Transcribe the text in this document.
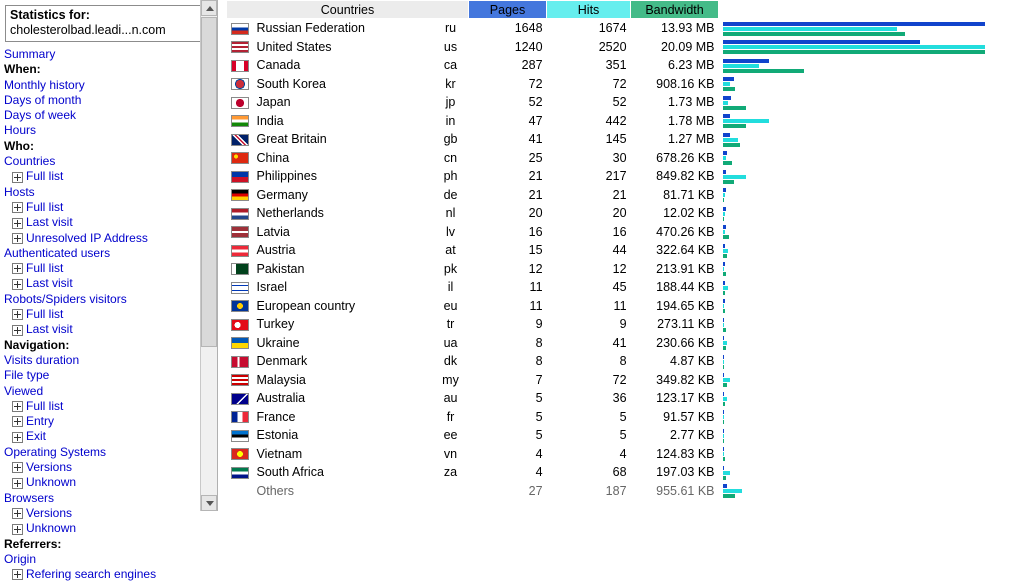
Statistics for:
cholesterolbad.leadi...n.com
Summary
When:
Monthly history
Days of month
Days of week
Hours
Who:
Countries
Full list
Hosts
Full list
Last visit
Unresolved IP Address
Authenticated users
Full list
Last visit
Robots/Spiders visitors
Full list
Last visit
Navigation:
Visits duration
File type
Viewed
Full list
Entry
Exit
Operating Systems
Versions
Unknown
Browsers
Versions
Unknown
Referrers:
Origin
Refering search engines
Countries			Pages	Hits	Bandwidth	
	Russian Federation	ru	1648	1674	13.93 MB	

	United States	us	1240	2520	20.09 MB	

	Canada	ca	287	351	6.23 MB	

	South Korea	kr	72	72	908.16 KB	

	Japan	jp	52	52	1.73 MB	

	India	in	47	442	1.78 MB	

	Great Britain	gb	41	145	1.27 MB	

	China	cn	25	30	678.26 KB	

	Philippines	ph	21	217	849.82 KB	

	Germany	de	21	21	81.71 KB	

	Netherlands	nl	20	20	12.02 KB	

	Latvia	lv	16	16	470.26 KB	

	Austria	at	15	44	322.64 KB	

	Pakistan	pk	12	12	213.91 KB	

	Israel	il	11	45	188.44 KB	

	European country	eu	11	11	194.65 KB	

	Turkey	tr	9	9	273.11 KB	

	Ukraine	ua	8	41	230.66 KB	

	Denmark	dk	8	8	4.87 KB	

	Malaysia	my	7	72	349.82 KB	

	Australia	au	5	36	123.17 KB	

	France	fr	5	5	91.57 KB	

	Estonia	ee	5	5	2.77 KB	

	Vietnam	vn	4	4	124.83 KB	

	South Africa	za	4	68	197.03 KB	

	Others		27	187	955.61 KB	
